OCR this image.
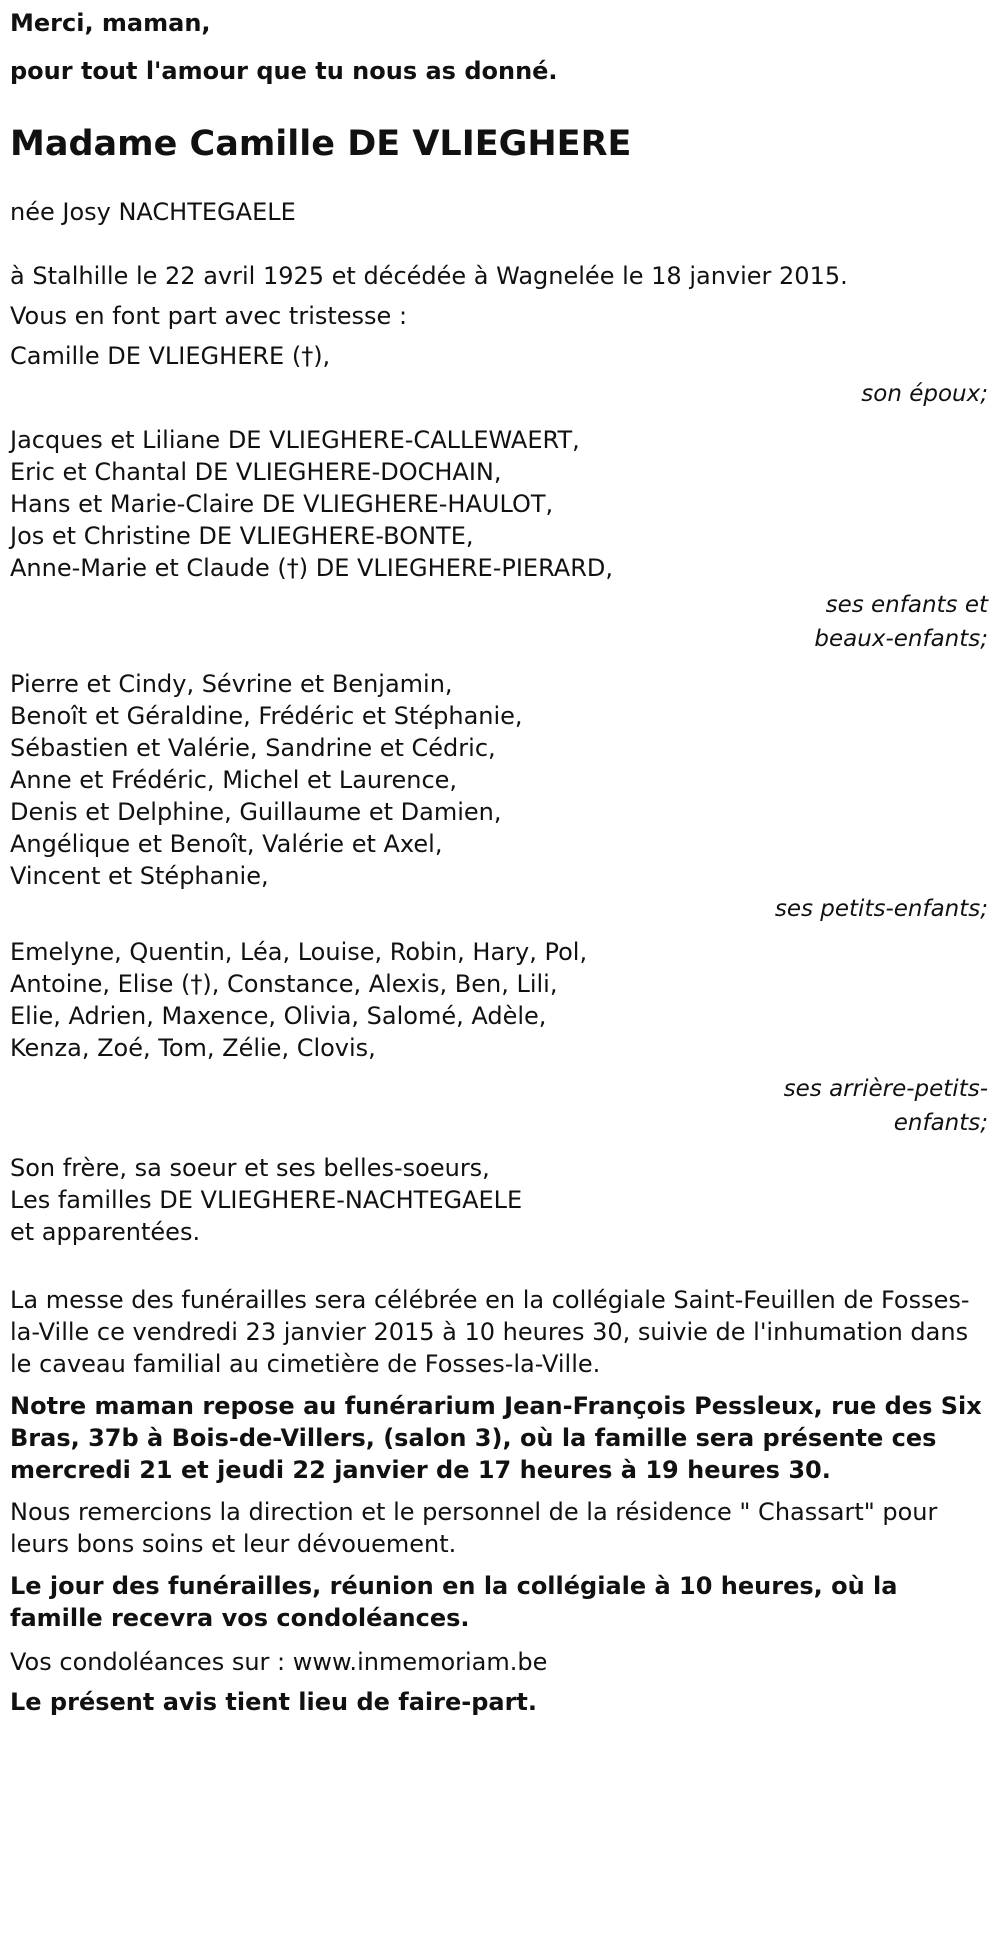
Merci, maman,

pour tout l'amour que tu nous as donné.

Madame Camille DE VLIEGHERE

née Josy NACHTEGAELE

à Stalhille le 22 avril 1925 et décédée à Wagnelée le 18 janvier 2015.

Vous en font part avec tristesse :

Camille DE VLIEGHERE (†),

son époux;

Jacques et Liliane DE VLIEGHERE-CALLEWAERT,

Eric et Chantal DE VLIEGHERE-DOCHAIN,

Hans et Marie-Claire DE VLIEGHERE-HAULOT,

Jos et Christine DE VLIEGHERE-BONTE,

Anne-Marie et Claude (†) DE VLIEGHERE-PIERARD,

ses enfants et

beaux-enfants;

Pierre et Cindy, Sévrine et Benjamin,

Benoît et Géraldine, Frédéric et Stéphanie,

Sébastien et Valérie, Sandrine et Cédric,

Anne et Frédéric, Michel et Laurence,

Denis et Delphine, Guillaume et Damien,

Angélique et Benoît, Valérie et Axel,

Vincent et Stéphanie,

ses petits-enfants;

Emelyne, Quentin, Léa, Louise, Robin, Hary, Pol,

Antoine, Elise (†), Constance, Alexis, Ben, Lili,

Elie, Adrien, Maxence, Olivia, Salomé, Adèle,

Kenza, Zoé, Tom, Zélie, Clovis,

ses arrière-petits-

enfants;

Son frère, sa soeur et ses belles-soeurs,

Les familles DE VLIEGHERE-NACHTEGAELE

et apparentées.

La messe des funérailles sera célébrée en la collégiale Saint-Feuillen de Fosses-la-Ville ce vendredi 23 janvier 2015 à 10 heures 30, suivie de l'inhumation dans le caveau familial au cimetière de Fosses-la-Ville.

Notre maman repose au funérarium Jean-François Pessleux, rue des Six Bras, 37b à Bois-de-Villers, (salon 3), où la famille sera présente ces mercredi 21 et jeudi 22 janvier de 17 heures à 19 heures 30.

Nous remercions la direction et le personnel de la résidence " Chassart" pour leurs bons soins et leur dévouement.

Le jour des funérailles, réunion en la collégiale à 10 heures, où la famille recevra vos condoléances.

Vos condoléances sur : www.inmemoriam.be

Le présent avis tient lieu de faire-part.
